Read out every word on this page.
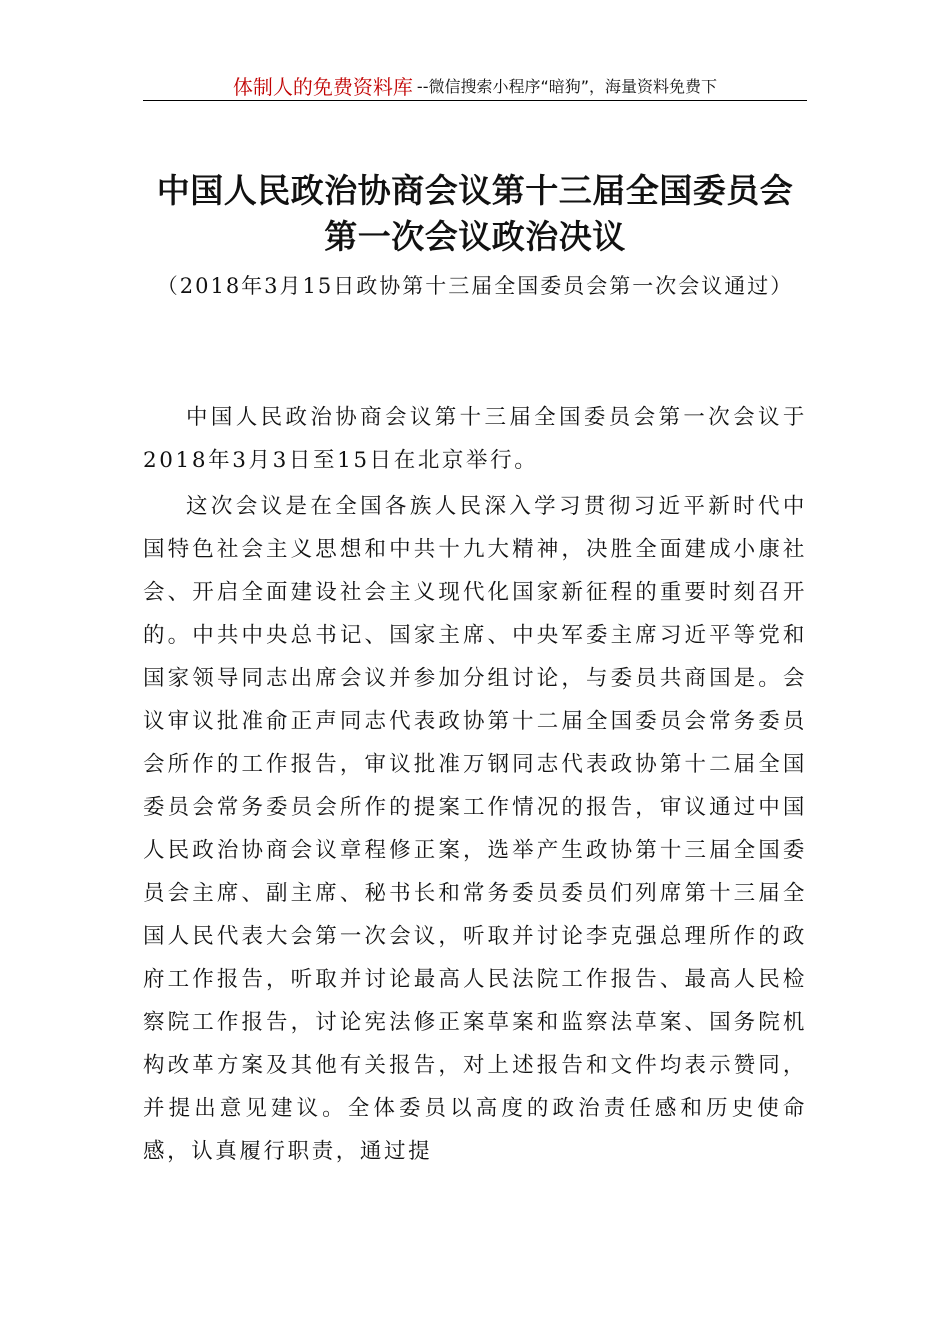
体制人的免费资料库 --微信搜索小程序“暗狗”，海量资料免费下
中国人民政治协商会议第十三届全国委员会第一次会议政治决议
（2018年3月15日政协第十三届全国委员会第一次会议通过）

中国人民政治协商会议第十三届全国委员会第一次会议于2018年3月3日至15日在北京举行。

这次会议是在全国各族人民深入学习贯彻习近平新时代中国特色社会主义思想和中共十九大精神，决胜全面建成小康社会、开启全面建设社会主义现代化国家新征程的重要时刻召开的。中共中央总书记、国家主席、中央军委主席习近平等党和国家领导同志出席会议并参加分组讨论，与委员共商国是。会议审议批准俞正声同志代表政协第十二届全国委员会常务委员会所作的工作报告，审议批准万钢同志代表政协第十二届全国委员会常务委员会所作的提案工作情况的报告，审议通过中国人民政治协商会议章程修正案，选举产生政协第十三届全国委员会主席、副主席、秘书长和常务委员委员们列席第十三届全国人民代表大会第一次会议，听取并讨论李克强总理所作的政府工作报告，听取并讨论最高人民法院工作报告、最高人民检察院工作报告，讨论宪法修正案草案和监察法草案、国务院机构改革方案及其他有关报告，对上述报告和文件均表示赞同，并提出意见建议。全体委员以高度的政治责任感和历史使命感，认真履行职责，通过提
